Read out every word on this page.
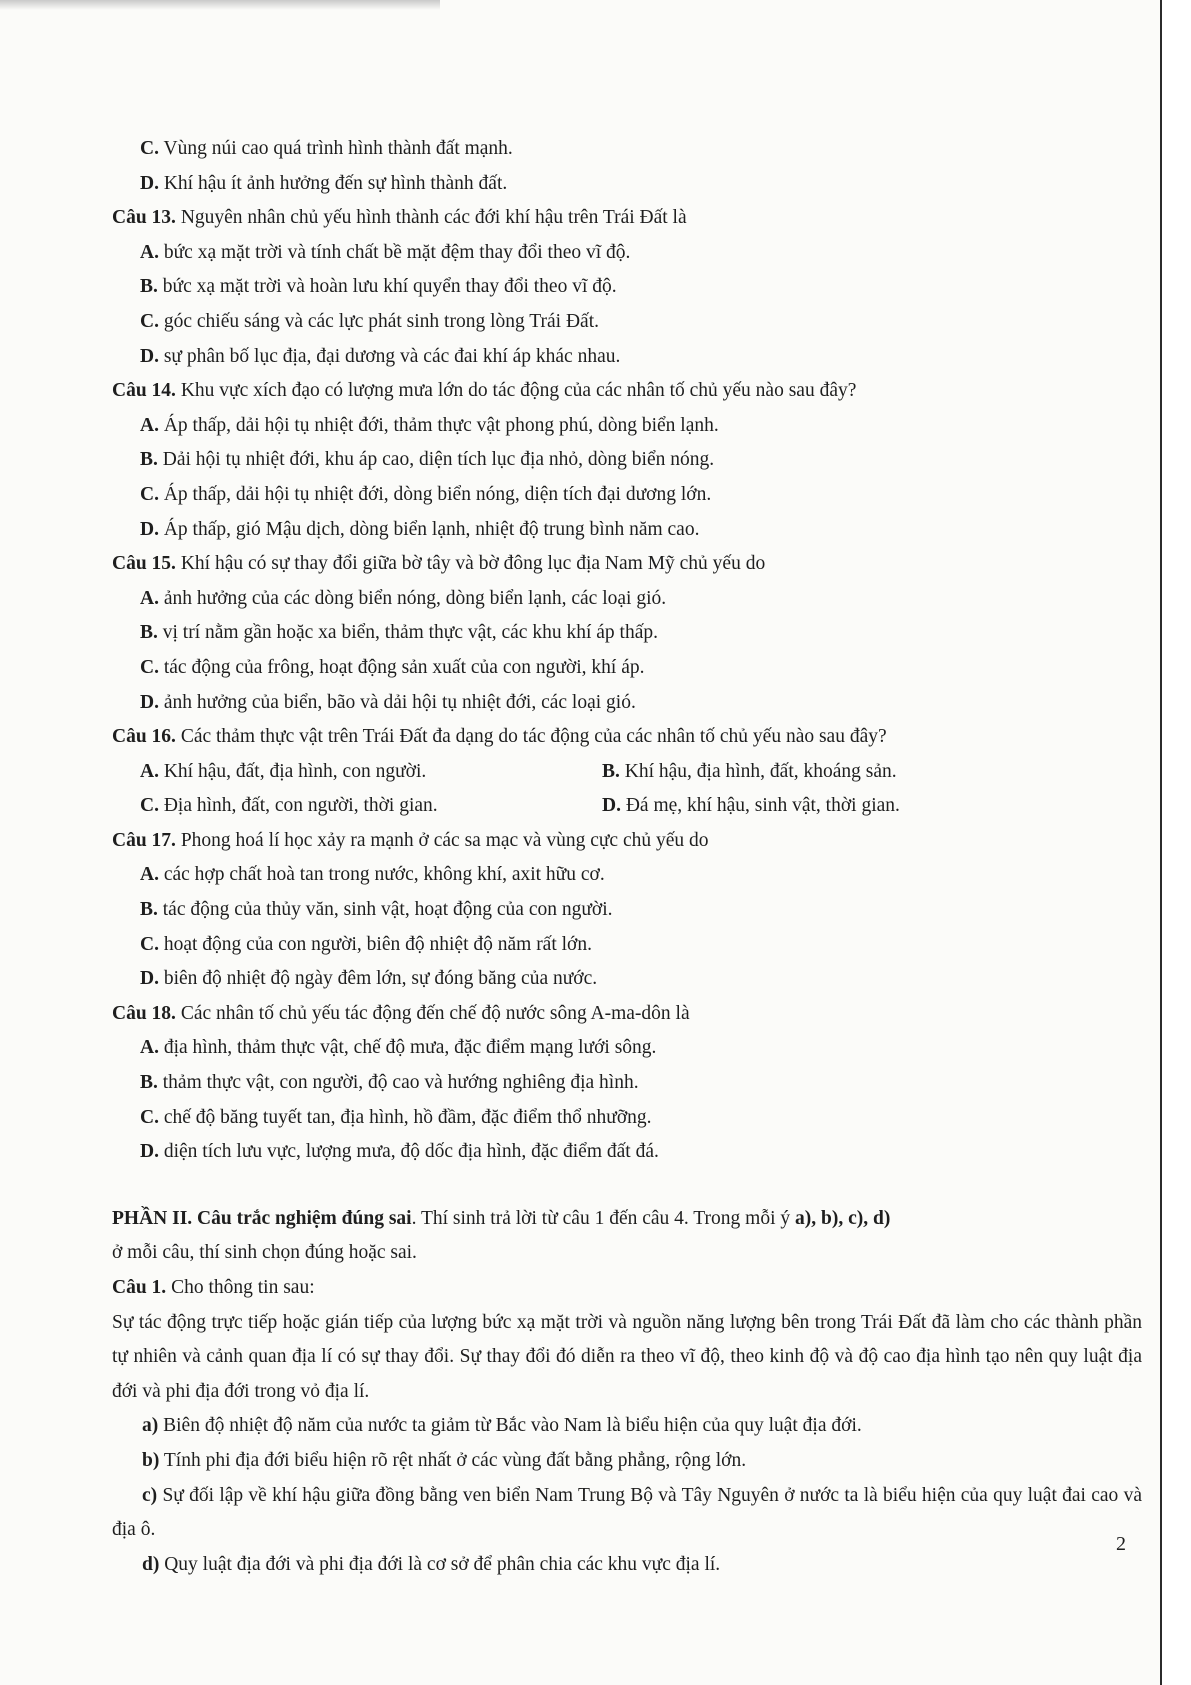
C. Vùng núi cao quá trình hình thành đất mạnh.
D. Khí hậu ít ảnh hưởng đến sự hình thành đất.
Câu 13. Nguyên nhân chủ yếu hình thành các đới khí hậu trên Trái Đất là
A. bức xạ mặt trời và tính chất bề mặt đệm thay đổi theo vĩ độ.
B. bức xạ mặt trời và hoàn lưu khí quyển thay đổi theo vĩ độ.
C. góc chiếu sáng và các lực phát sinh trong lòng Trái Đất.
D. sự phân bố lục địa, đại dương và các đai khí áp khác nhau.
Câu 14. Khu vực xích đạo có lượng mưa lớn do tác động của các nhân tố chủ yếu nào sau đây?
A. Áp thấp, dải hội tụ nhiệt đới, thảm thực vật phong phú, dòng biển lạnh.
B. Dải hội tụ nhiệt đới, khu áp cao, diện tích lục địa nhỏ, dòng biển nóng.
C. Áp thấp, dải hội tụ nhiệt đới, dòng biển nóng, diện tích đại dương lớn.
D. Áp thấp, gió Mậu dịch, dòng biển lạnh, nhiệt độ trung bình năm cao.
Câu 15. Khí hậu có sự thay đổi giữa bờ tây và bờ đông lục địa Nam Mỹ chủ yếu do
A. ảnh hưởng của các dòng biển nóng, dòng biển lạnh, các loại gió.
B. vị trí nằm gần hoặc xa biển, thảm thực vật, các khu khí áp thấp.
C. tác động của frông, hoạt động sản xuất của con người, khí áp.
D. ảnh hưởng của biển, bão và dải hội tụ nhiệt đới, các loại gió.
Câu 16. Các thảm thực vật trên Trái Đất đa dạng do tác động của các nhân tố chủ yếu nào sau đây?
A. Khí hậu, đất, địa hình, con người.	B. Khí hậu, địa hình, đất, khoáng sản.
C. Địa hình, đất, con người, thời gian.	D. Đá mẹ, khí hậu, sinh vật, thời gian.
Câu 17. Phong hoá lí học xảy ra mạnh ở các sa mạc và vùng cực chủ yếu do
A. các hợp chất hoà tan trong nước, không khí, axit hữu cơ.
B. tác động của thủy văn, sinh vật, hoạt động của con người.
C. hoạt động của con người, biên độ nhiệt độ năm rất lớn.
D. biên độ nhiệt độ ngày đêm lớn, sự đóng băng của nước.
Câu 18. Các nhân tố chủ yếu tác động đến chế độ nước sông A-ma-dôn là
A. địa hình, thảm thực vật, chế độ mưa, đặc điểm mạng lưới sông.
B. thảm thực vật, con người, độ cao và hướng nghiêng địa hình.
C. chế độ băng tuyết tan, địa hình, hồ đầm, đặc điểm thổ nhưỡng.
D. diện tích lưu vực, lượng mưa, độ dốc địa hình, đặc điểm đất đá.
PHẦN II. Câu trắc nghiệm đúng sai. Thí sinh trả lời từ câu 1 đến câu 4. Trong mỗi ý a), b), c), d)
ở mỗi câu, thí sinh chọn đúng hoặc sai.
Câu 1. Cho thông tin sau:
Sự tác động trực tiếp hoặc gián tiếp của lượng bức xạ mặt trời và nguồn năng lượng bên trong Trái Đất đã làm cho các thành phần tự nhiên và cảnh quan địa lí có sự thay đổi. Sự thay đổi đó diễn ra theo vĩ độ, theo kinh độ và độ cao địa hình tạo nên quy luật địa đới và phi địa đới trong vỏ địa lí.
a) Biên độ nhiệt độ năm của nước ta giảm từ Bắc vào Nam là biểu hiện của quy luật địa đới.
b) Tính phi địa đới biểu hiện rõ rệt nhất ở các vùng đất bằng phẳng, rộng lớn.
c) Sự đối lập về khí hậu giữa đồng bằng ven biển Nam Trung Bộ và Tây Nguyên ở nước ta là biểu hiện của quy luật đai cao và địa ô.
d) Quy luật địa đới và phi địa đới là cơ sở để phân chia các khu vực địa lí.
2
